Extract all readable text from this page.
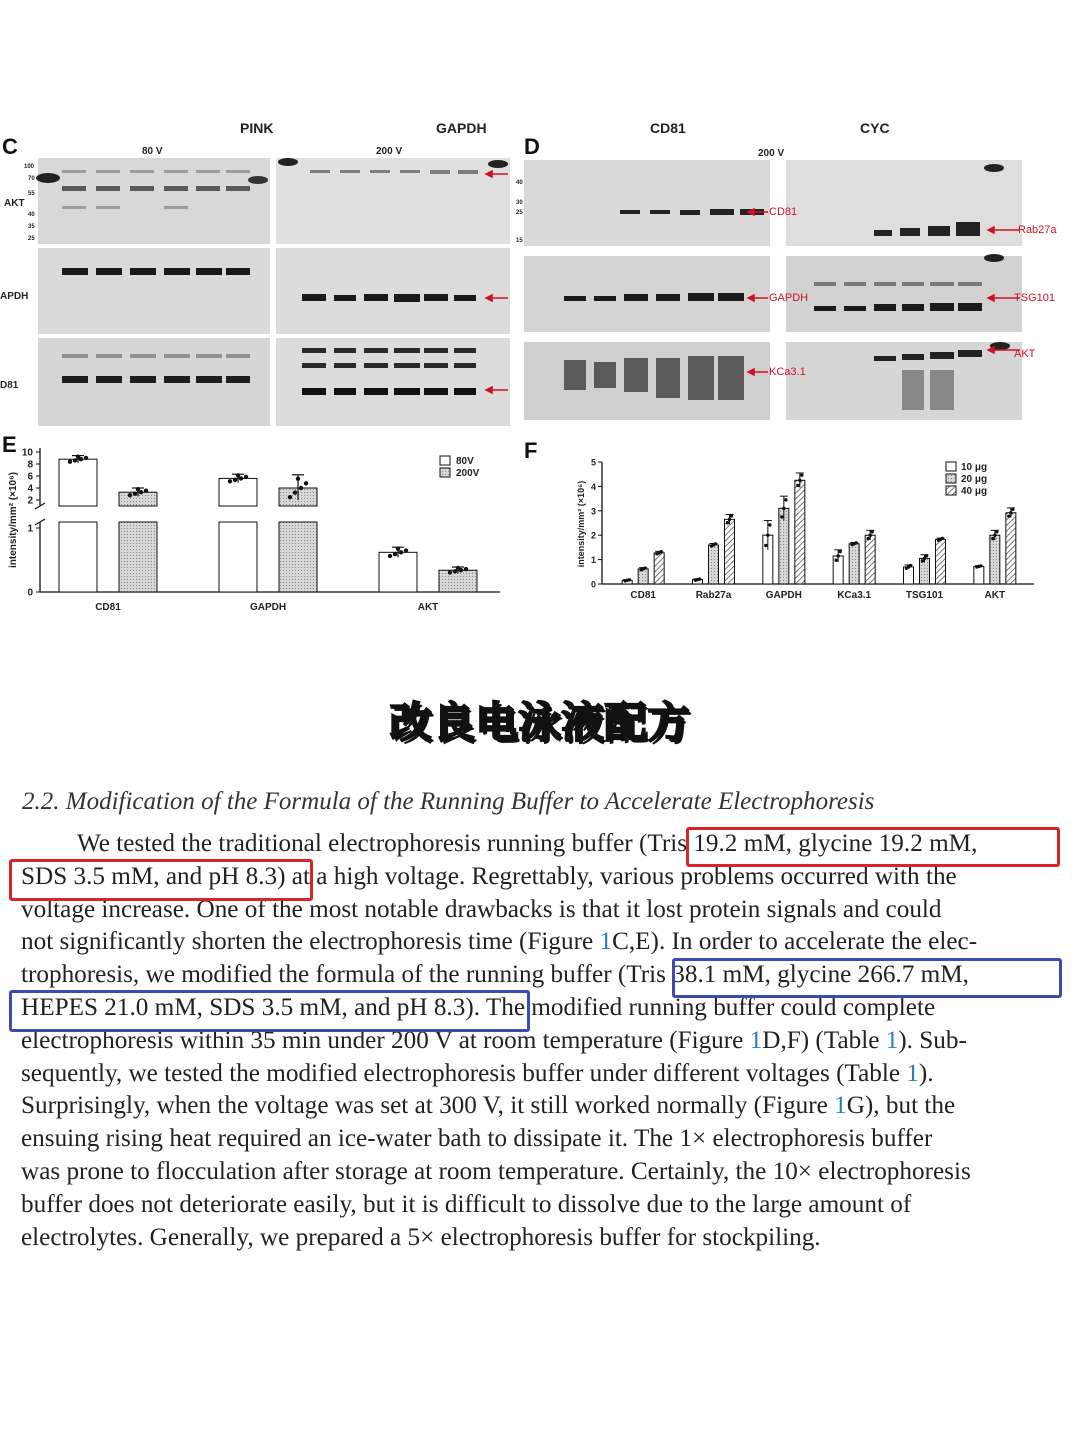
C
PINK	GAPDH
80 V	200 V
AKT
APDH
D81
100
70
55
40
35
25
D
CD81	CYC
200 V
40
30
25
15
CD81
GAPDH
KCa3.1
Rab27a
TSG101
AKT
E	F
10
8
6
4
2
1
0
intensity/mm² (×10⁶)
CD81	GAPDH	AKT
80V
200V
0
1
2
3
4
5
intensity/mm² (×10⁶)
CD81	Rab27a	GAPDH	KCa3.1	TSG101	AKT
10 μg
20 μg
40 μg
改良电泳液配方
2.2. Modification of the Formula of the Running Buffer to Accelerate Electrophoresis
We tested the traditional electrophoresis running buffer (Tris 19.2 mM, glycine 19.2 mM,
SDS 3.5 mM, and pH 8.3) at a high voltage. Regrettably, various problems occurred with the
voltage increase. One of the most notable drawbacks is that it lost protein signals and could
not significantly shorten the electrophoresis time (Figure 1C,E). In order to accelerate the elec-
trophoresis, we modified the formula of the running buffer (Tris 38.1 mM, glycine 266.7 mM,
HEPES 21.0 mM, SDS 3.5 mM, and pH 8.3). The modified running buffer could complete
electrophoresis within 35 min under 200 V at room temperature (Figure 1D,F) (Table 1). Sub-
sequently, we tested the modified electrophoresis buffer under different voltages (Table 1).
Surprisingly, when the voltage was set at 300 V, it still worked normally (Figure 1G), but the
ensuing rising heat required an ice-water bath to dissipate it. The 1× electrophoresis buffer
was prone to flocculation after storage at room temperature. Certainly, the 10× electrophoresis
buffer does not deteriorate easily, but it is difficult to dissolve due to the large amount of
electrolytes. Generally, we prepared a 5× electrophoresis buffer for stockpiling.
